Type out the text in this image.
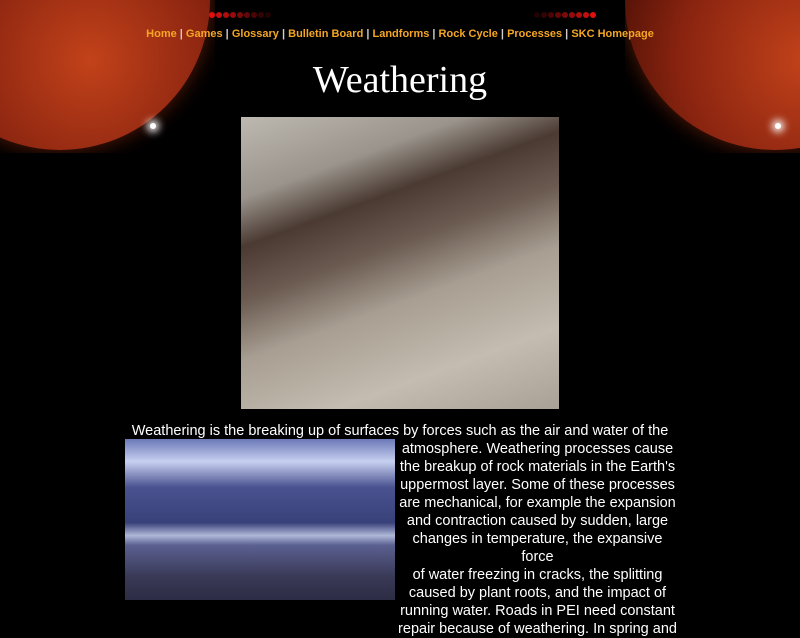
Home | Games | Glossary | Bulletin Board | Landforms | Rock Cycle | Processes | SKC Homepage
Weathering
Weathering is the breaking up of surfaces by forces such as the air and water of the
atmosphere. Weathering processes cause
the breakup of rock materials in the Earth's
uppermost layer. Some of these processes
are mechanical, for example the expansion
and contraction caused by sudden, large
changes in temperature, the expansive force
of water freezing in cracks, the splitting
caused by plant roots, and the impact of
running water. Roads in PEI need constant
repair because of weathering. In spring and
